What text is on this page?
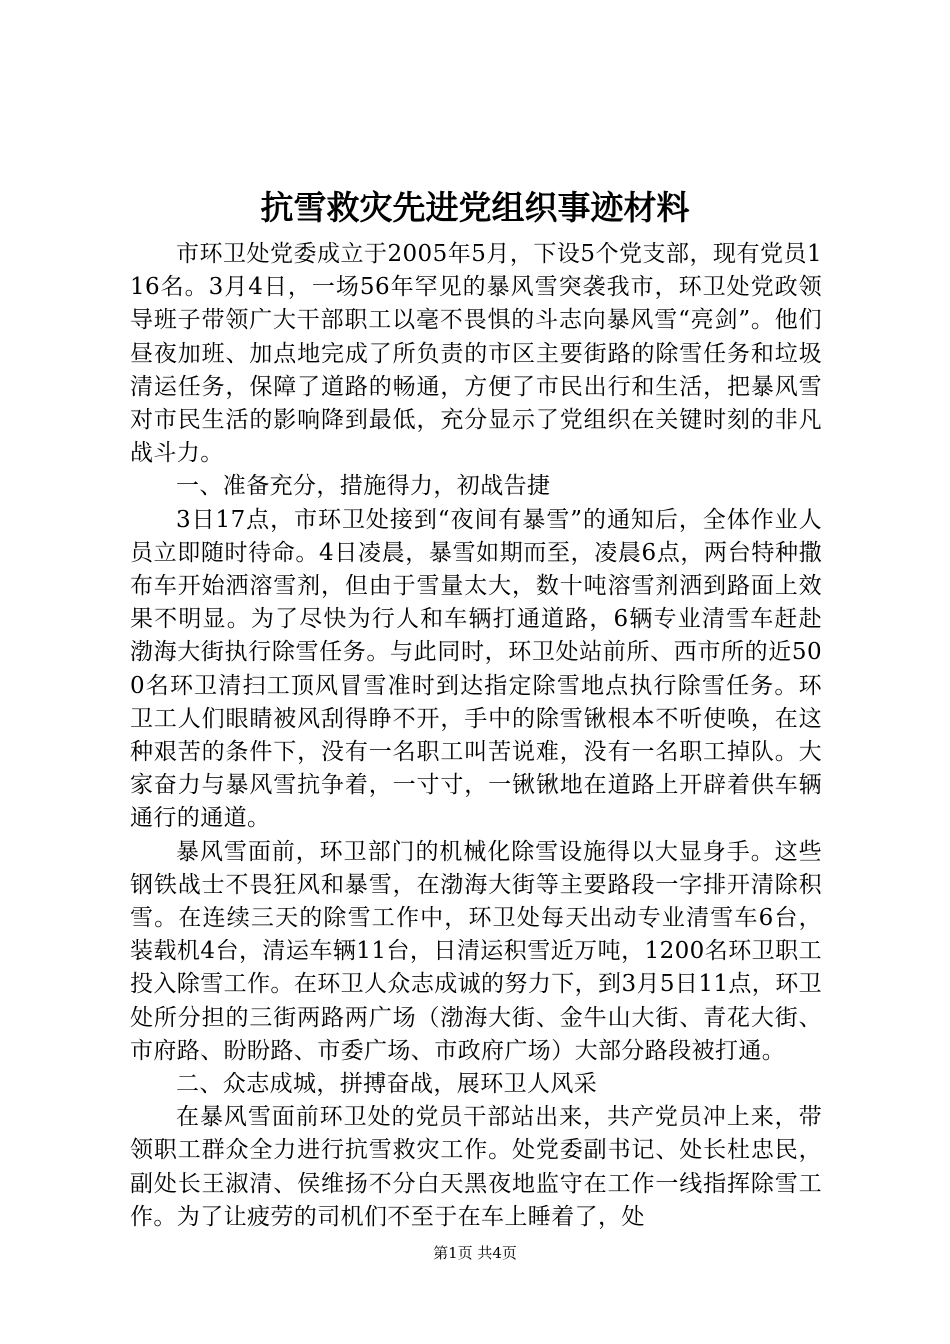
抗雪救灾先进党组织事迹材料

市环卫处党委成立于2005年5月，下设5个党支部，现有党员116名。3月4日，一场56年罕见的暴风雪突袭我市，环卫处党政领导班子带领广大干部职工以毫不畏惧的斗志向暴风雪“亮剑”。他们昼夜加班、加点地完成了所负责的市区主要街路的除雪任务和垃圾清运任务，保障了道路的畅通，方便了市民出行和生活，把暴风雪对市民生活的影响降到最低，充分显示了党组织在关键时刻的非凡战斗力。

一、准备充分，措施得力，初战告捷

3日17点，市环卫处接到“夜间有暴雪”的通知后，全体作业人员立即随时待命。4日凌晨，暴雪如期而至，凌晨6点，两台特种撒布车开始洒溶雪剂，但由于雪量太大，数十吨溶雪剂洒到路面上效果不明显。为了尽快为行人和车辆打通道路，6辆专业清雪车赶赴渤海大街执行除雪任务。与此同时，环卫处站前所、西市所的近500名环卫清扫工顶风冒雪准时到达指定除雪地点执行除雪任务。环卫工人们眼睛被风刮得睁不开，手中的除雪锹根本不听使唤，在这种艰苦的条件下，没有一名职工叫苦说难，没有一名职工掉队。大家奋力与暴风雪抗争着，一寸寸，一锹锹地在道路上开辟着供车辆通行的通道。

暴风雪面前，环卫部门的机械化除雪设施得以大显身手。这些钢铁战士不畏狂风和暴雪，在渤海大街等主要路段一字排开清除积雪。在连续三天的除雪工作中，环卫处每天出动专业清雪车6台，装载机4台，清运车辆11台，日清运积雪近万吨，1200名环卫职工投入除雪工作。在环卫人众志成诚的努力下，到3月5日11点，环卫处所分担的三街两路两广场（渤海大街、金牛山大街、青花大街、市府路、盼盼路、市委广场、市政府广场）大部分路段被打通。

二、众志成城，拼搏奋战，展环卫人风采

在暴风雪面前环卫处的党员干部站出来，共产党员冲上来，带领职工群众全力进行抗雪救灾工作。处党委副书记、处长杜忠民，副处长王淑清、侯维扬不分白天黑夜地监守在工作一线指挥除雪工作。为了让疲劳的司机们不至于在车上睡着了，处

第1页 共4页
